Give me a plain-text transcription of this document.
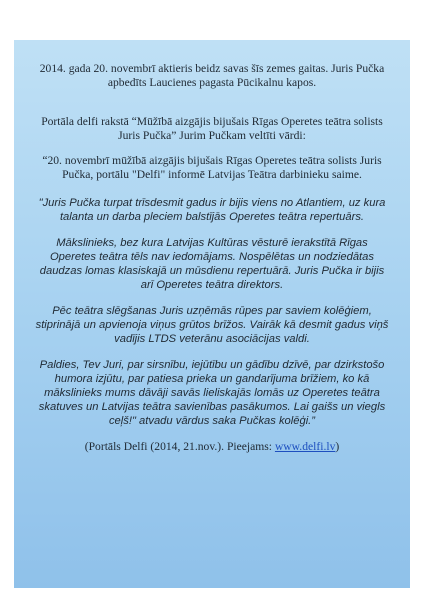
2014. gada 20. novembrī aktieris beidz savas šīs zemes gaitas. Juris Pučka apbedīts Laucienes pagasta Pūcikalnu kapos.

Portāla delfi rakstā “Mūžībā aizgājis bijušais Rīgas Operetes teātra solists Juris Pučka” Jurim Pučkam veltīti vārdi:

“20. novembrī mūžībā aizgājis bijušais Rīgas Operetes teātra solists Juris Pučka, portālu "Delfi" informē Latvijas Teātra darbinieku saime.

"Juris Pučka turpat trīsdesmit gadus ir bijis viens no Atlantiem, uz kura talanta un darba pleciem balstījās Operetes teātra repertuārs.

Mākslinieks, bez kura Latvijas Kultūras vēsturē ierakstītā Rīgas Operetes teātra tēls nav iedomājams. Nospēlētas un nodziedātas daudzas lomas klasiskajā un mūsdienu repertuārā. Juris Pučka ir bijis arī Operetes teātra direktors.

Pēc teātra slēgšanas Juris uzņēmās rūpes par saviem kolēģiem, stiprinājā un apvienoja viņus grūtos brīžos. Vairāk kā desmit gadus viņš vadījis LTDS veterānu asociācijas valdi.

Paldies, Tev Juri, par sirsnību, iejūtību un gādību dzīvē, par dzirkstošo humora izjūtu, par patiesa prieka un gandarījuma brīžiem, ko kā mākslinieks mums dāvāji savās lieliskajās lomās uz Operetes teātra skatuves un Latvijas teātra savienības pasākumos. Lai gaišs un viegls ceļš!" atvadu vārdus saka Pučkas kolēģi.”

(Portāls Delfi (2014, 21.nov.). Pieejams: www.delfi.lv)
